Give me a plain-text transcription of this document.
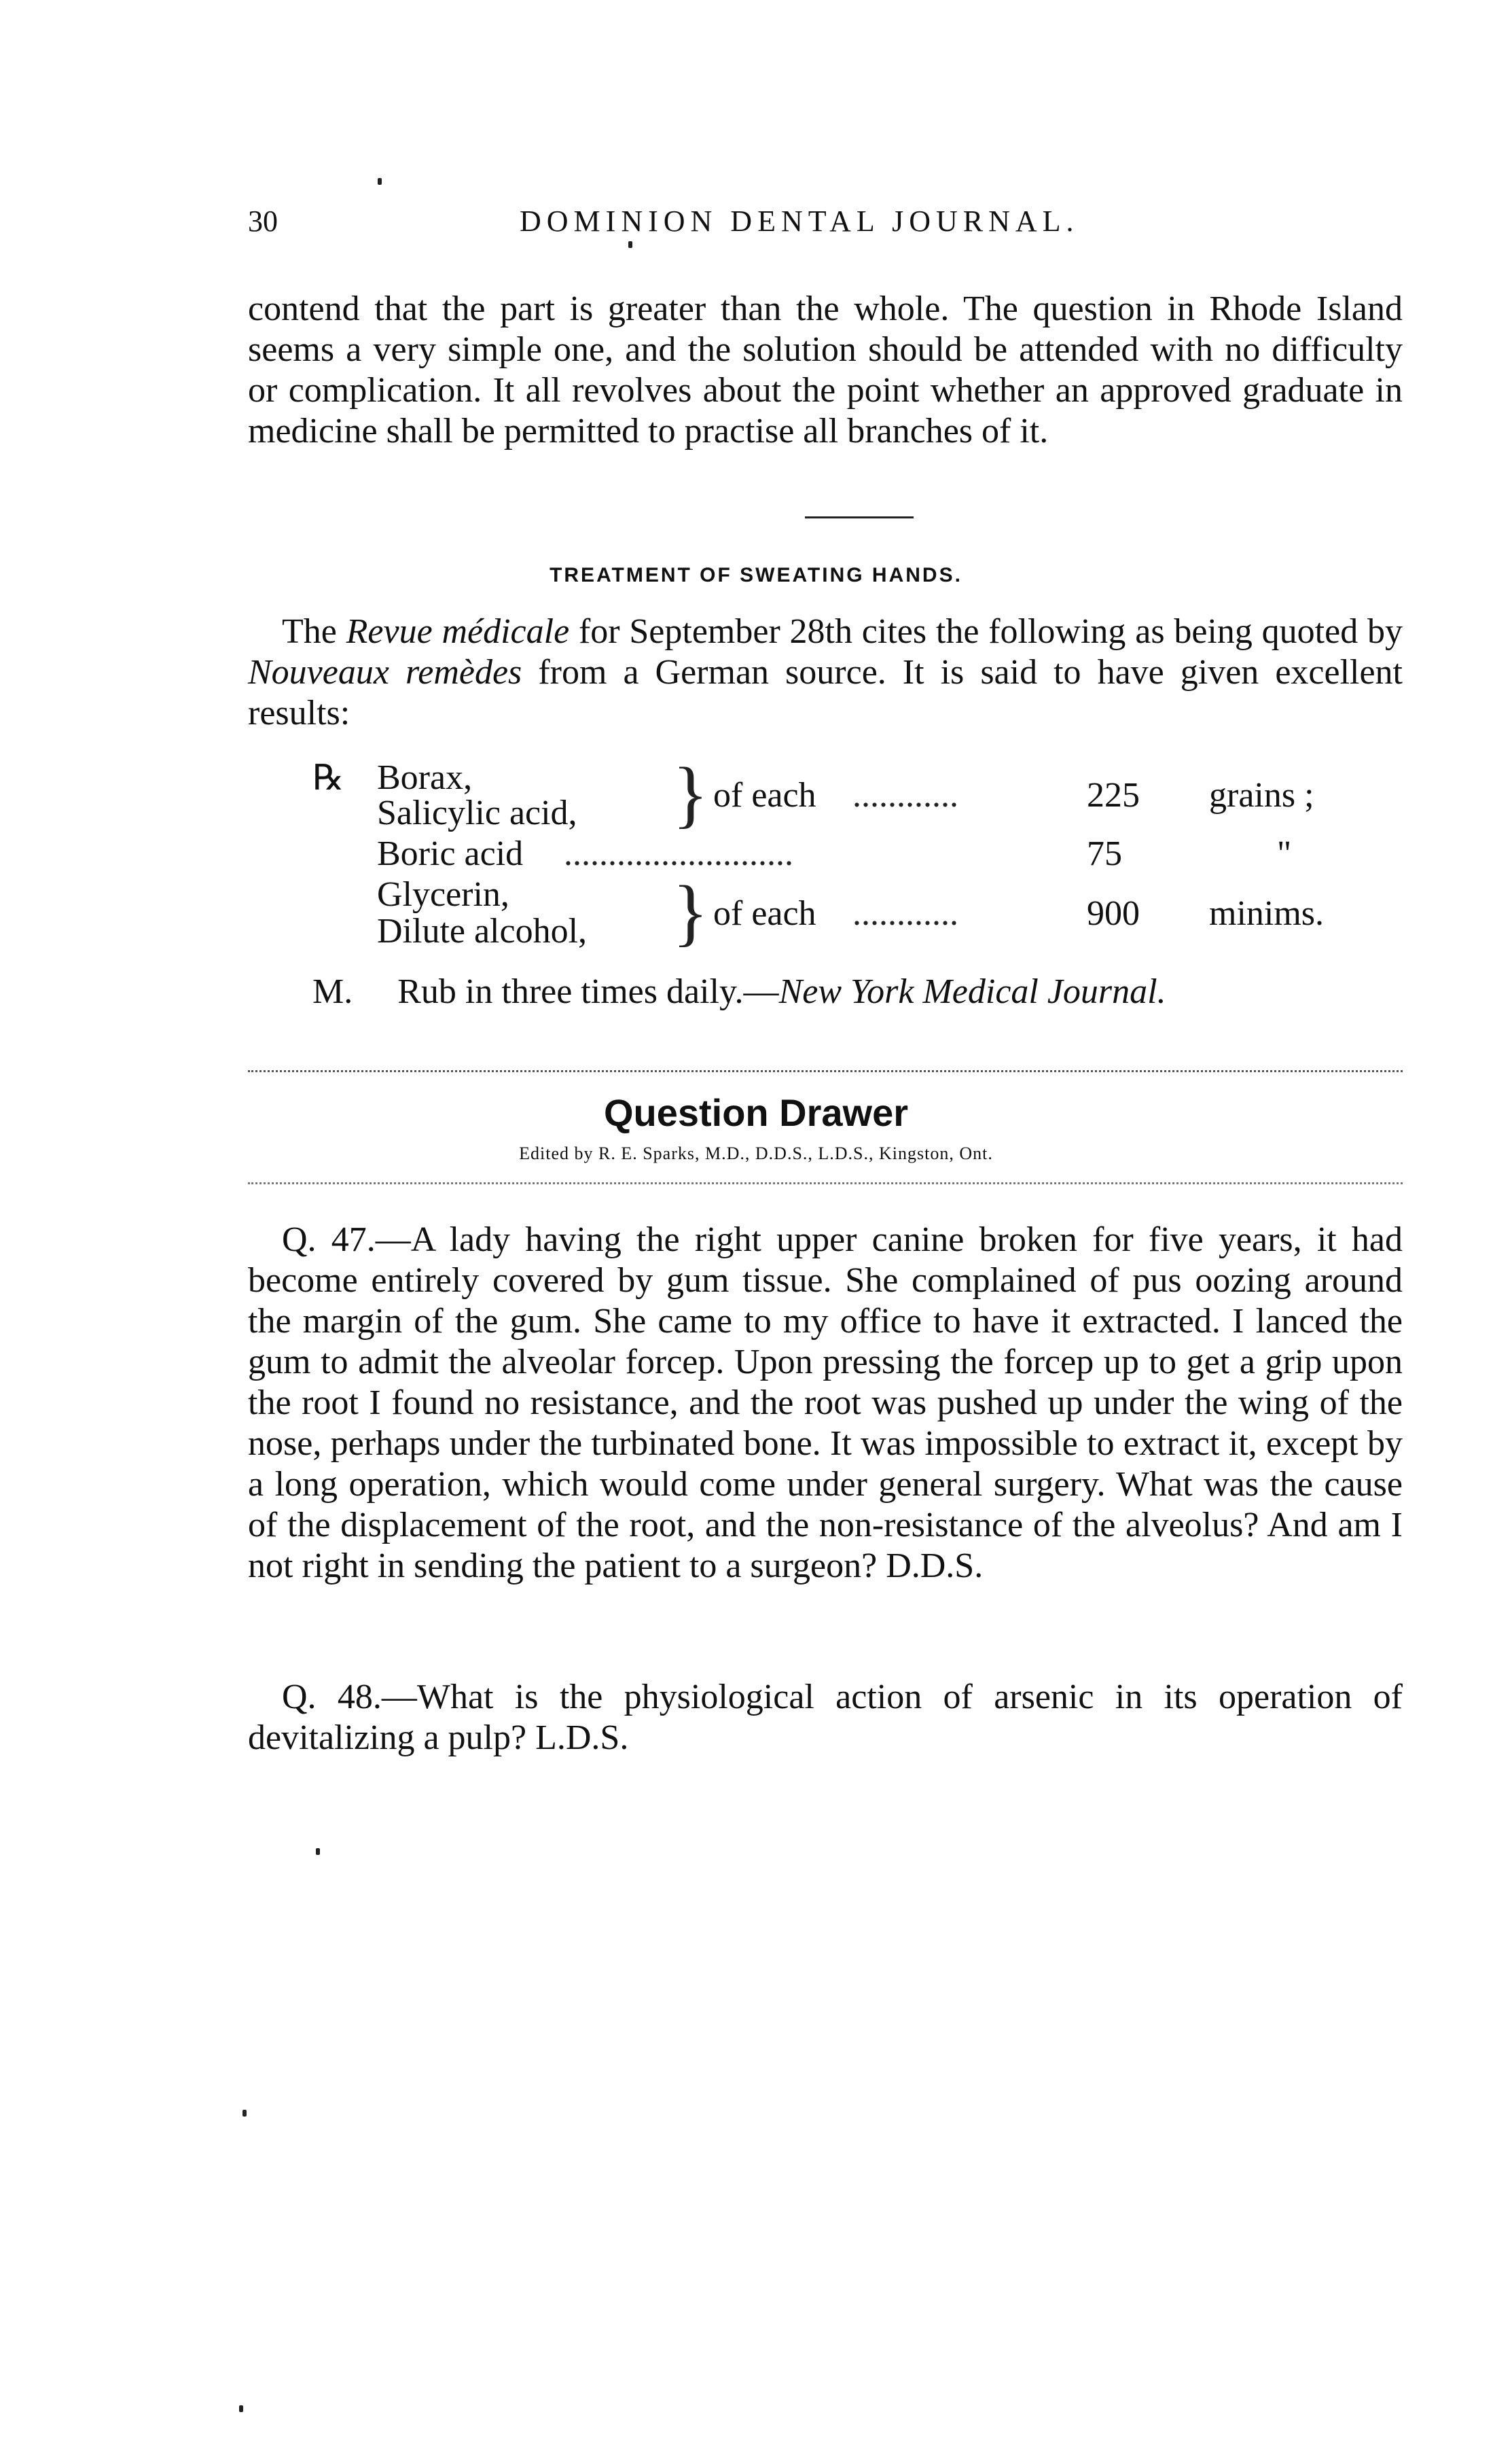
30	DOMINION DENTAL JOURNAL.

contend that the part is greater than the whole. The question in Rhode Island seems a very simple one, and the solution should be attended with no difficulty or complication. It all revolves about the point whether an approved graduate in medicine shall be permitted to practise all branches of it.

TREATMENT OF SWEATING HANDS.

The Revue médicale for September 28th cites the following as being quoted by Nouveaux remèdes from a German source. It is said to have given excellent results:

℞ Borax,
Salicylic acid, } of each ............	225 grains ;
Boric acid ..........................	75	"
Glycerin,
Dilute alcohol, } of each ............	900 minims.
M. Rub in three times daily.—New York Medical Journal.
Question Drawer
Edited by R. E. Sparks, M.D., D.D.S., L.D.S., Kingston, Ont.

Q. 47.—A lady having the right upper canine broken for five years, it had become entirely covered by gum tissue. She complained of pus oozing around the margin of the gum. She came to my office to have it extracted. I lanced the gum to admit the alveolar forcep. Upon pressing the forcep up to get a grip upon the root I found no resistance, and the root was pushed up under the wing of the nose, perhaps under the turbinated bone. It was impossible to extract it, except by a long operation, which would come under general surgery. What was the cause of the displacement of the root, and the non-resistance of the alveolus? And am I not right in sending the patient to a surgeon? D.D.S.

Q. 48.—What is the physiological action of arsenic in its operation of devitalizing a pulp? L.D.S.
